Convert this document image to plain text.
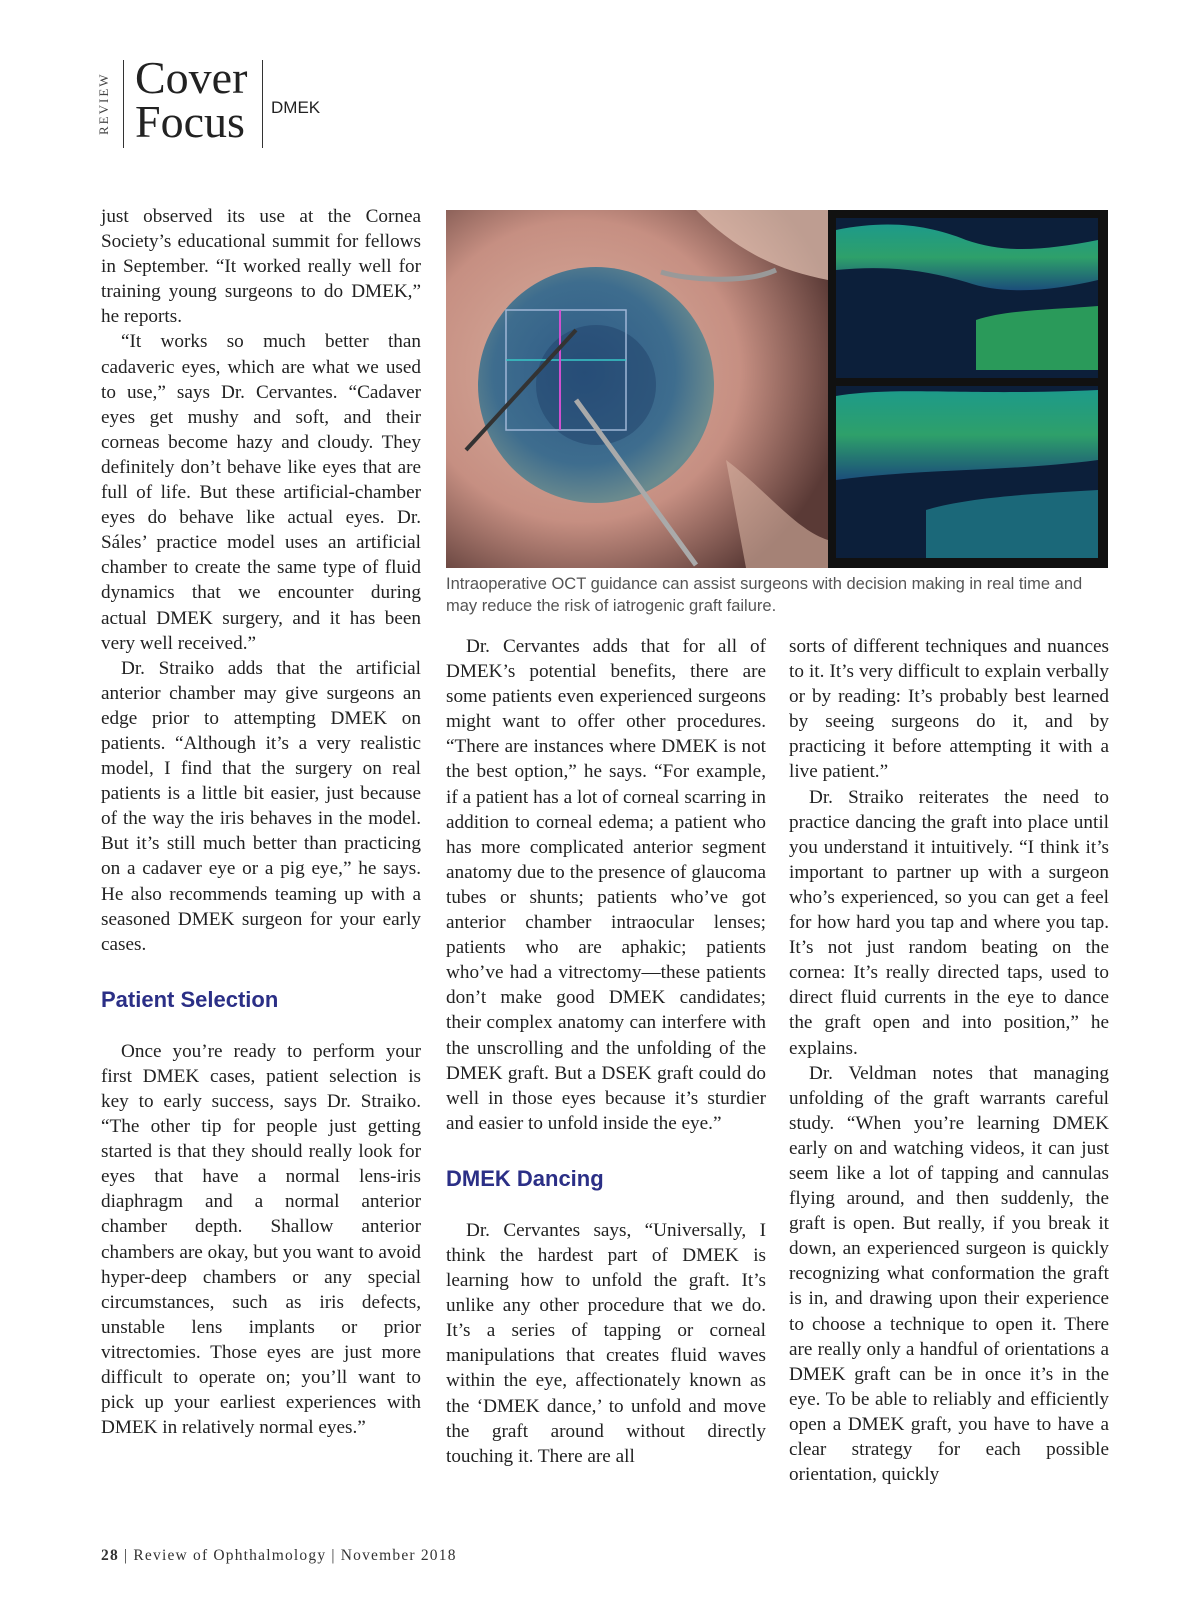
REVIEW Cover
Focus DMEK

just observed its use at the Cornea Society’s educational summit for fellows in September. “It worked really well for training young surgeons to do DMEK,” he reports.

“It works so much better than cadaveric eyes, which are what we used to use,” says Dr. Cervantes. “Cadaver eyes get mushy and soft, and their corneas become hazy and cloudy. They definitely don’t behave like eyes that are full of life. But these artificial-chamber eyes do behave like actual eyes. Dr. Sáles’ practice model uses an artificial chamber to create the same type of fluid dynamics that we encounter during actual DMEK surgery, and it has been very well received.”

Dr. Straiko adds that the artificial anterior chamber may give surgeons an edge prior to attempting DMEK on patients. “Although it’s a very realistic model, I find that the surgery on real patients is a little bit easier, just because of the way the iris behaves in the model. But it’s still much better than practicing on a cadaver eye or a pig eye,” he says. He also recommends teaming up with a seasoned DMEK surgeon for your early cases.

Patient Selection

Once you’re ready to perform your first DMEK cases, patient selection is key to early success, says Dr. Straiko. “The other tip for people just getting started is that they should really look for eyes that have a normal lens-iris diaphragm and a normal anterior chamber depth. Shallow anterior chambers are okay, but you want to avoid hyper-deep chambers or any special circumstances, such as iris defects, unstable lens implants or prior vitrectomies. Those eyes are just more difficult to operate on; you’ll want to pick up your earliest experiences with DMEK in relatively normal eyes.”

Intraoperative OCT guidance can assist surgeons with decision making in real time and may reduce the risk of iatrogenic graft failure.

Dr. Cervantes adds that for all of DMEK’s potential benefits, there are some patients even experienced surgeons might want to offer other procedures. “There are instances where DMEK is not the best option,” he says. “For example, if a patient has a lot of corneal scarring in addition to corneal edema; a patient who has more complicated anterior segment anatomy due to the presence of glaucoma tubes or shunts; patients who’ve got anterior chamber intraocular lenses; patients who are aphakic; patients who’ve had a vitrectomy—these patients don’t make good DMEK candidates; their complex anatomy can interfere with the unscrolling and the unfolding of the DMEK graft. But a DSEK graft could do well in those eyes because it’s sturdier and easier to unfold inside the eye.”

DMEK Dancing

Dr. Cervantes says, “Universally, I think the hardest part of DMEK is learning how to unfold the graft. It’s unlike any other procedure that we do. It’s a series of tapping or corneal manipulations that creates fluid waves within the eye, affectionately known as the ‘DMEK dance,’ to unfold and move the graft around without directly touching it. There are all

sorts of different techniques and nuances to it. It’s very difficult to explain verbally or by reading: It’s probably best learned by seeing surgeons do it, and by practicing it before attempting it with a live patient.”

Dr. Straiko reiterates the need to practice dancing the graft into place until you understand it intuitively. “I think it’s important to partner up with a surgeon who’s experienced, so you can get a feel for how hard you tap and where you tap. It’s not just random beating on the cornea: It’s really directed taps, used to direct fluid currents in the eye to dance the graft open and into position,” he explains.

Dr. Veldman notes that managing unfolding of the graft warrants careful study. “When you’re learning DMEK early on and watching videos, it can just seem like a lot of tapping and cannulas flying around, and then suddenly, the graft is open. But really, if you break it down, an experienced surgeon is quickly recognizing what conformation the graft is in, and drawing upon their experience to choose a technique to open it. There are really only a handful of orientations a DMEK graft can be in once it’s in the eye. To be able to reliably and efficiently open a DMEK graft, you have to have a clear strategy for each possible orientation, quickly

28 | Review of Ophthalmology | November 2018
